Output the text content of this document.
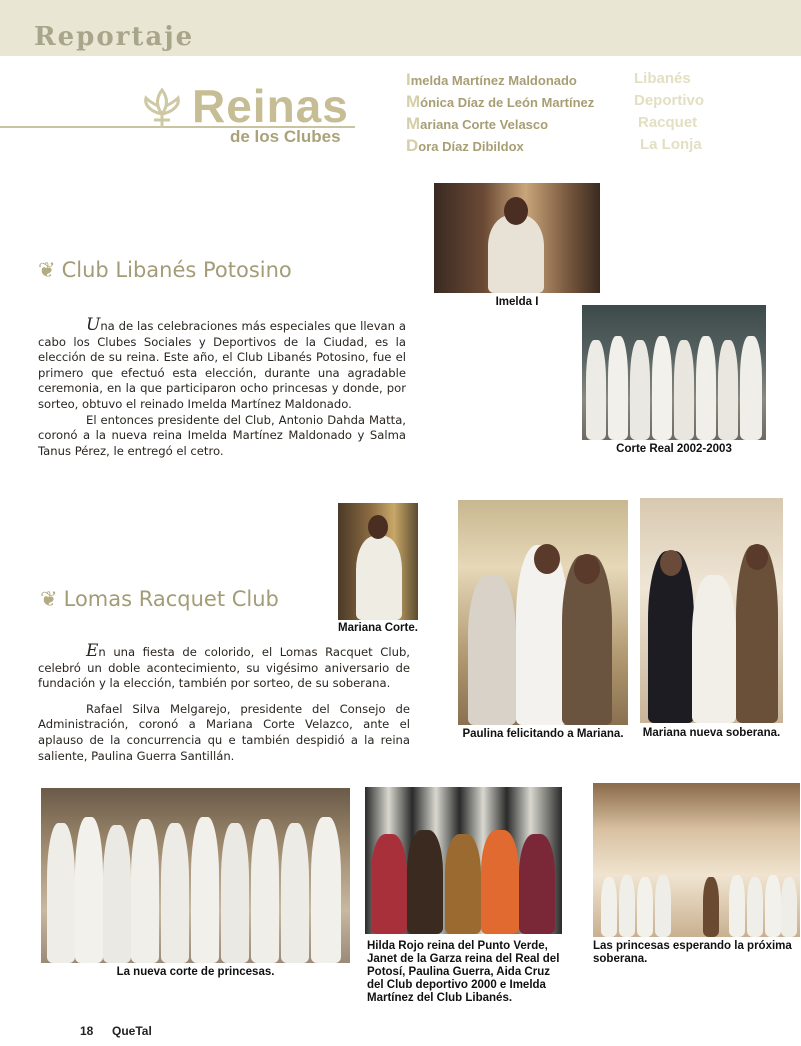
Reportaje
Reinas
de los Clubes
Imelda Martínez Maldonado
Mónica Díaz de León Martínez
Mariana Corte Velasco
Dora Díaz Dibildox
Libanés
Deportivo
Racquet
La Lonja
❦ Club Libanés Potosino

Una de las celebraciones más especiales que llevan a cabo los Clubes Sociales y Deportivos de la Ciudad, es la elección de su reina. Este año, el Club Libanés Potosino, fue el primero que efectuó esta elección, durante una agradable ceremonia, en la que participaron ocho princesas y donde, por sorteo, obtuvo el reinado Imelda Martínez Maldonado.

El entonces presidente del Club, Antonio Dahda Matta, coronó a la nueva reina Imelda Martínez Maldonado y Salma Tanus Pérez, le entregó el cetro.

Imelda I
Corte Real 2002-2003
❦ Lomas Racquet Club

En una fiesta de colorido, el Lomas Racquet Club, celebró un doble acontecimiento, su vigésimo aniversario de fundación y la elección, también por sorteo, de su soberana.

Rafael Silva Melgarejo, presidente del Consejo de Administración, coronó a Mariana Corte Velazco, ante el aplauso de la concurrencia qu e también despidió a la reina saliente, Paulina Guerra Santillán.

Mariana Corte.
Paulina felicitando a Mariana.	Mariana nueva soberana.
La nueva corte de princesas.
Hilda Rojo reina del Punto Verde, Janet de la Garza reina del Real del Potosí, Paulina Guerra, Aida Cruz del Club deportivo 2000 e Imelda Martínez del Club Libanés.
Las princesas esperando la próxima soberana.
18 QueTal
